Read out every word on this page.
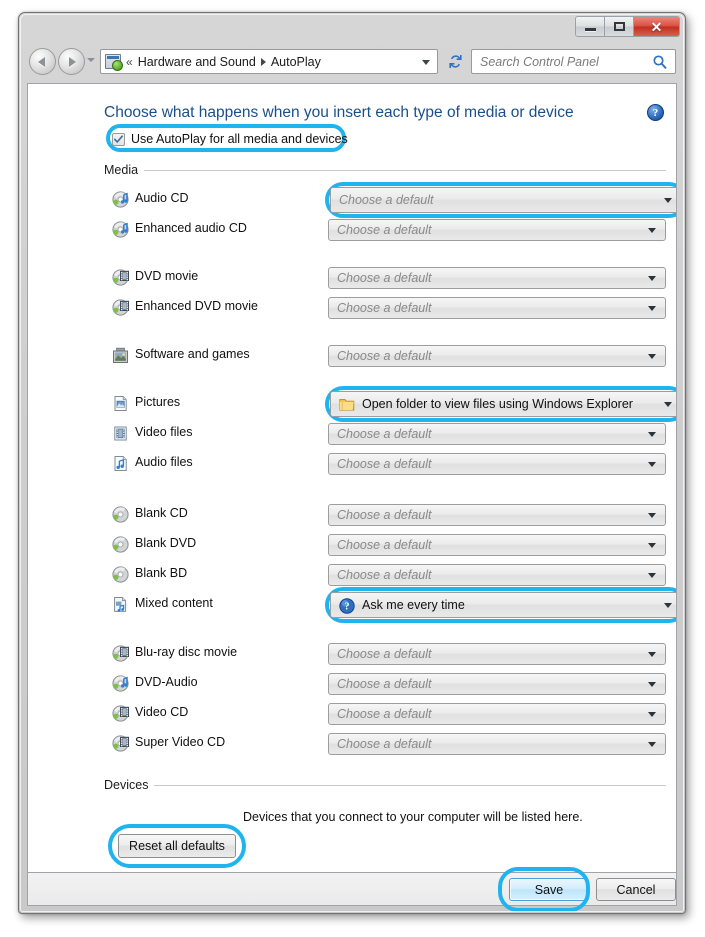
✕
« Hardware and Sound AutoPlay	Search Control Panel
Choose what happens when you insert each type of media or device	?
Use AutoPlay for all media and devices
Media
Audio CD	Choose a default
Enhanced audio CD	Choose a default
DVD movie	Choose a default
Enhanced DVD movie	Choose a default
Software and games	Choose a default
Pictures	Open folder to view files using Windows Explorer
Video files	Choose a default
Audio files	Choose a default
Blank CD	Choose a default
Blank DVD	Choose a default
Blank BD	Choose a default
Mixed content	? Ask me every time
Blu-ray disc movie	Choose a default
DVD-Audio	Choose a default
Video CD	Choose a default
Super Video CD	Choose a default
Devices
Devices that you connect to your computer will be listed here.
Reset all defaults
Save	Cancel
